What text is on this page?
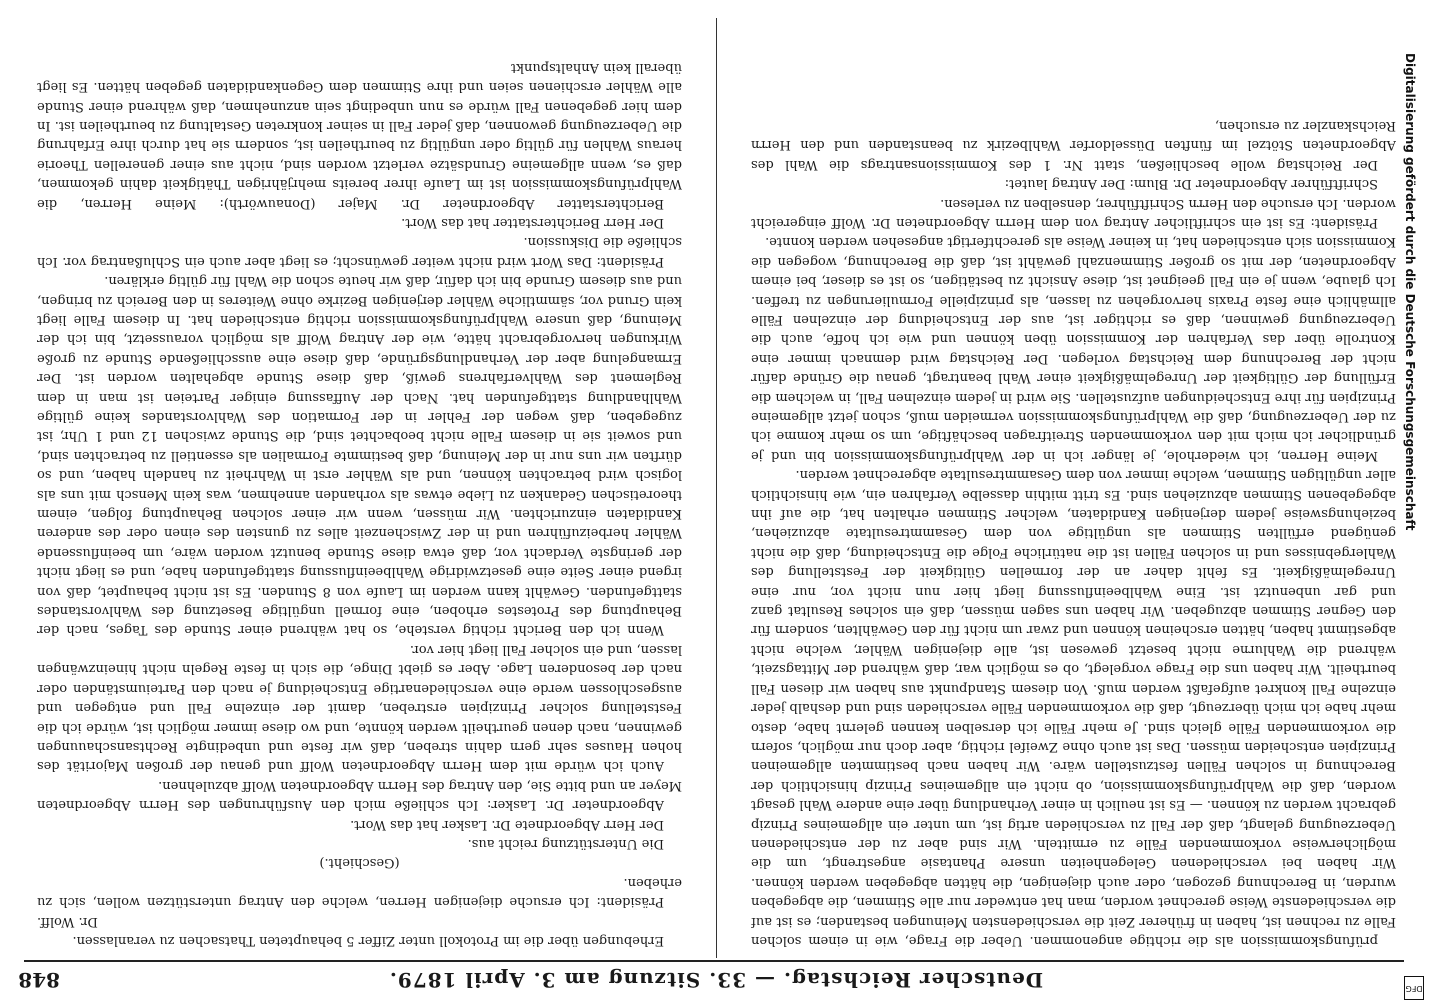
848	Deutscher Reichstag. — 33. Sitzung am 3. April 1879.

prüfungskommission als die richtige angenommen. Ueber die Frage, wie in einem solchen Falle zu rechnen ist, haben in früherer Zeit die verschiedensten Meinungen bestanden; es ist auf die verschiedenste Weise gerechnet worden, man hat entweder nur alle Stimmen, die abgegeben wurden, in Berechnung gezogen, oder auch diejenigen, die hätten abgegeben werden können. Wir haben bei verschiedenen Gelegenheiten unsere Phantasie angestrengt, um die möglicherweise vorkommenden Fälle zu ermitteln. Wir sind aber zu der entschiedenen Ueberzeugung gelangt, daß der Fall zu verschieden artig ist, um unter ein allgemeines Prinzip gebracht werden zu können. — Es ist neulich in einer Verhandlung über eine andere Wahl gesagt worden, daß die Wahlprüfungskommission, ob nicht ein allgemeines Prinzip hinsichtlich der Berechnung in solchen Fällen festzustellen wäre. Wir haben nach bestimmten allgemeinen Prinzipien entscheiden müssen. Das ist auch ohne Zweifel richtig, aber doch nur möglich, sofern die vorkommenden Fälle gleich sind. Je mehr Fälle ich derselben kennen gelernt habe, desto mehr habe ich mich überzeugt, daß die vorkommenden Fälle verschieden sind und deshalb jeder einzelne Fall konkret aufgefaßt werden muß. Von diesem Standpunkt aus haben wir diesen Fall beurtheilt. Wir haben uns die Frage vorgelegt, ob es möglich war, daß während der Mittagszeit, während die Wahlurne nicht besetzt gewesen ist, alle diejenigen Wähler, welche nicht abgestimmt haben, hätten erscheinen können und zwar um nicht für den Gewählten, sondern für den Gegner Stimmen abzugeben. Wir haben uns sagen müssen, daß ein solches Resultat ganz und gar unbenutzt ist. Eine Wahlbeeinflussung liegt hier nun nicht vor, nur eine Unregelmäßigkeit. Es fehlt daher an der formellen Gültigkeit der Feststellung des Wahlergebnisses und in solchen Fällen ist die natürliche Folge die Entscheidung, daß die nicht genügend erfüllten Stimmen als ungültige von dem Gesammtresultate abzuziehen, beziehungsweise jedem derjenigen Kandidaten, welcher Stimmen erhalten hat, die auf ihn abgegebenen Stimmen abzuziehen sind. Es tritt mithin dasselbe Verfahren ein, wie hinsichtlich aller ungültigen Stimmen, welche immer von dem Gesammtresultate abgerechnet werden.

Meine Herren, ich wiederhole, je länger ich in der Wahlprüfungskommission bin und je gründlicher ich mich mit den vorkommenden Streitfragen beschäftige, um so mehr komme ich zu der Ueberzeugung, daß die Wahlprüfungskommission vermeiden muß, schon jetzt allgemeine Prinzipien für ihre Entscheidungen aufzustellen. Sie wird in jedem einzelnen Fall, in welchem die Erfüllung der Gültigkeit der Unregelmäßigkeit einer Wahl beantragt, genau die Gründe dafür nicht der Berechnung dem Reichstag vorlegen. Der Reichstag wird demnach immer eine Kontrolle über das Verfahren der Kommission üben können und wie ich hoffe, auch die Ueberzeugung gewinnen, daß es richtiger ist, aus der Entscheidung der einzelnen Fälle allmählich eine feste Praxis hervorgehen zu lassen, als prinzipielle Formulierungen zu treffen. Ich glaube, wenn je ein Fall geeignet ist, diese Ansicht zu bestätigen, so ist es dieser, bei einem Abgeordneten, der mit so großer Stimmenzahl gewählt ist, daß die Berechnung, wogegen die Kommission sich entschieden hat, in keiner Weise als gerechtfertigt angesehen werden konnte.

Präsident: Es ist ein schriftlicher Antrag von dem Herrn Abgeordneten Dr. Wolff eingereicht worden. Ich ersuche den Herrn Schriftführer, denselben zu verlesen.

Schriftführer Abgeordneter Dr. Blum: Der Antrag lautet:

Der Reichstag wolle beschließen, statt Nr. 1 des Kommissionsantrags die Wahl des Abgeordneten Stötzel im fünften Düsseldorfer Wahlbezirk zu beanstanden und den Herrn Reichskanzler zu ersuchen,

Erhebungen über die im Protokoll unter Ziffer 5 behaupteten Thatsachen zu veranlassen.

Dr. Wolff.

Präsident: Ich ersuche diejenigen Herren, welche den Antrag unterstützen wollen, sich zu erheben.

(Geschieht.)

Die Unterstützung reicht aus.

Der Herr Abgeordnete Dr. Lasker hat das Wort.

Abgeordneter Dr. Lasker: Ich schließe mich den Ausführungen des Herrn Abgeordneten Meyer an und bitte Sie, den Antrag des Herrn Abgeordneten Wolff abzulehnen.

Auch ich würde mit dem Herrn Abgeordneten Wolff und genau der großen Majorität des hohen Hauses sehr gern dahin streben, daß wir feste und unbedingte Rechtsanschauungen gewinnen, nach denen geurtheilt werden könnte, und wo diese immer möglich ist, würde ich die Feststellung solcher Prinzipien erstreben, damit der einzelne Fall und entgegen und ausgeschlossen werde eine verschiedenartige Entscheidung je nach den Parteiumständen oder nach der besonderen Lage. Aber es giebt Dinge, die sich in feste Regeln nicht hineinzwängen lassen, und ein solcher Fall liegt hier vor.

Wenn ich den Bericht richtig verstehe, so hat während einer Stunde des Tages, nach der Behauptung des Protestes erhoben, eine formell ungültige Besetzung des Wahlvorstandes stattgefunden. Gewählt kann werden im Laufe von 8 Stunden. Es ist nicht behauptet, daß von irgend einer Seite eine gesetzwidrige Wahlbeeinflussung stattgefunden habe, und es liegt nicht der geringste Verdacht vor, daß etwa diese Stunde benutzt worden wäre, um beeinflussende Wähler herbeizuführen und in der Zwischenzeit alles zu gunsten des einen oder des anderen Kandidaten einzurichten. Wir müssen, wenn wir einer solchen Behauptung folgen, einem theoretischen Gedanken zu Liebe etwas als vorhanden annehmen, was kein Mensch mit uns als logisch wird betrachten können, und als Wähler erst in Wahrheit zu handeln haben, und so dürften wir uns nur in der Meinung, daß bestimmte Formalien als essentiell zu betrachten sind, und soweit sie in diesem Falle nicht beobachtet sind, die Stunde zwischen 12 und 1 Uhr, ist zugegeben, daß wegen der Fehler in der Formation des Wahlvorstandes keine gültige Wahlhandlung stattgefunden hat. Nach der Auffassung einiger Parteien ist man in dem Reglement des Wahlverfahrens gewiß, daß diese Stunde abgehalten worden ist. Der Ermangelung aber der Verhandlungsgründe, daß diese eine ausschließende Stunde zu große Wirkungen hervorgebracht hätte, wie der Antrag Wolff als möglich voraussetzt, bin ich der Meinung, daß unsere Wahlprüfungskommission richtig entschieden hat. In diesem Falle liegt kein Grund vor, sämmtliche Wähler derjenigen Bezirke ohne Weiteres in den Bereich zu bringen, und aus diesem Grunde bin ich dafür, daß wir heute schon die Wahl für gültig erklären.

Präsident: Das Wort wird nicht weiter gewünscht; es liegt aber auch ein Schlußantrag vor. Ich schließe die Diskussion.

Der Herr Berichterstatter hat das Wort.

Berichterstatter Abgeordneter Dr. Majer (Donauwörth): Meine Herren, die Wahlprüfungskommission ist im Laufe ihrer bereits mehrjährigen Thätigkeit dahin gekommen, daß es, wenn allgemeine Grundsätze verletzt worden sind, nicht aus einer generellen Theorie heraus Wahlen für gültig oder ungültig zu beurtheilen ist, sondern sie hat durch ihre Erfahrung die Ueberzeugung gewonnen, daß jeder Fall in seiner konkreten Gestaltung zu beurtheilen ist. In dem hier gegebenen Fall würde es nun unbedingt sein anzunehmen, daß während einer Stunde alle Wähler erschienen seien und ihre Stimmen dem Gegenkandidaten gegeben hätten. Es liegt überall kein Anhaltspunkt

DFG
Digitalisierung gefördert durch die Deutsche Forschungsgemeinschaft
